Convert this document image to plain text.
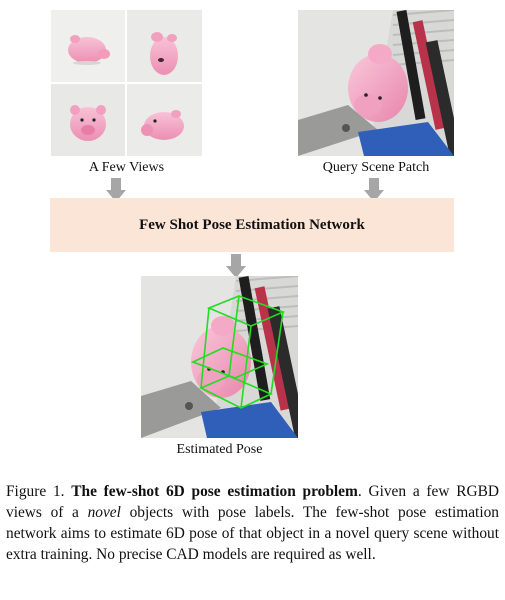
A Few Views	Query Scene Patch
Few Shot Pose Estimation Network
Estimated Pose
Figure 1. The few-shot 6D pose estimation problem. Given a few RGBD views of a novel objects with pose labels. The few-shot pose estimation network aims to estimate 6D pose of that object in a novel query scene without extra training. No precise CAD models are required as well.
